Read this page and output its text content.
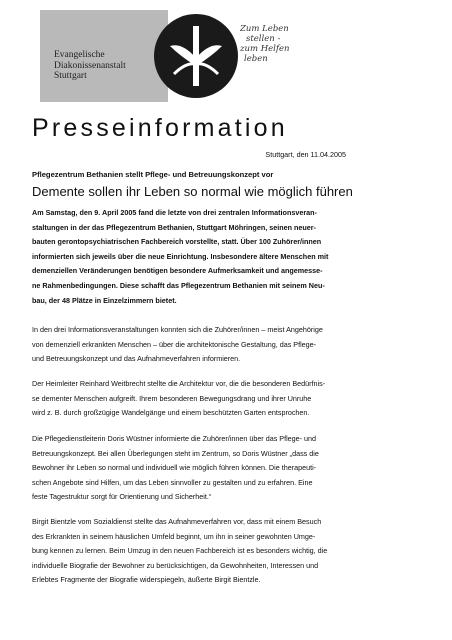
Evangelische
Diakonissenanstalt
Stuttgart
Zum Leben
stellen -
zum Helfen
leben
Presseinformation
Stuttgart, den 11.04.2005
Pflegezentrum Bethanien stellt Pflege- und Betreuungskonzept vor
Demente sollen ihr Leben so normal wie möglich führen
Am Samstag, den 9. April 2005 fand die letzte von drei zentralen Informationsveran-
staltungen in der das Pflegezentrum Bethanien, Stuttgart Möhringen, seinen neuer-
bauten gerontopsychiatrischen Fachbereich vorstellte, statt. Über 100 Zuhörer/innen
informierten sich jeweils über die neue Einrichtung. Insbesondere ältere Menschen mit
demenziellen Veränderungen benötigen besondere Aufmerksamkeit und angemesse-
ne Rahmenbedingungen. Diese schafft das Pflegezentrum Bethanien mit seinem Neu-
bau, der 48 Plätze in Einzelzimmern bietet.
In den drei Informationsveranstaltungen konnten sich die Zuhörer/innen – meist Angehörige
von demenziell erkrankten Menschen – über die architektonische Gestaltung, das Pflege-
und Betreuungskonzept und das Aufnahmeverfahren informieren.
Der Heimleiter Reinhard Weitbrecht stellte die Architektur vor, die die besonderen Bedürfnis-
se dementer Menschen aufgreift. Ihrem besonderen Bewegungsdrang und ihrer Unruhe
wird z. B. durch großzügige Wandelgänge und einem beschützten Garten entsprochen.
Die Pflegedienstleiterin Doris Wüstner informierte die Zuhörer/innen über das Pflege- und
Betreuungskonzept. Bei allen Überlegungen steht im Zentrum, so Doris Wüstner „dass die
Bewohner ihr Leben so normal und individuell wie möglich führen können. Die therapeuti-
schen Angebote sind Hilfen, um das Leben sinnvoller zu gestalten und zu erfahren. Eine
feste Tagestruktur sorgt für Orientierung und Sicherheit.“
Birgit Bientzle vom Sozialdienst stellte das Aufnahmeverfahren vor, dass mit einem Besuch
des Erkrankten in seinem häuslichen Umfeld beginnt, um ihn in seiner gewohnten Umge-
bung kennen zu lernen. Beim Umzug in den neuen Fachbereich ist es besonders wichtig, die
individuelle Biografie der Bewohner zu berücksichtigen, da Gewohnheiten, Interessen und
Erlebtes Fragmente der Biografie widerspiegeln, äußerte Birgit Bientzle.
